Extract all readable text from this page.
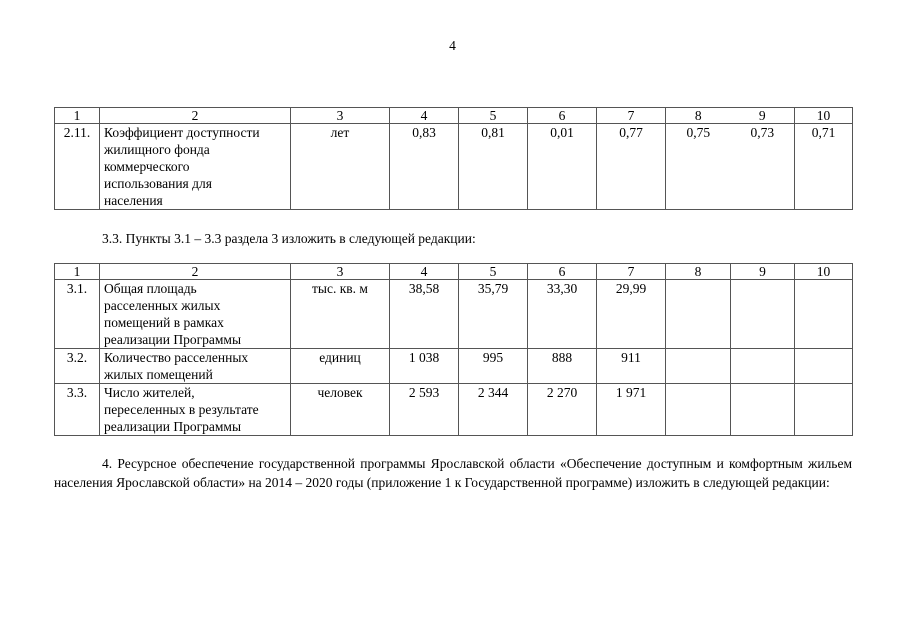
4
1	2	3	4	5	6	7	8	9	10
2.11.	Коэффициент доступности
жилищного фонда
коммерческого
использования для
населения	лет	0,83	0,81	0,01	0,77	0,75	0,73	0,71

3.3. Пункты 3.1 – 3.3 раздела 3 изложить в следующей редакции:

1	2	3	4	5	6	7	8	9	10
3.1.	Общая площадь
расселенных жилых
помещений в рамках
реализации Программы	тыс. кв. м	38,58	35,79	33,30	29,99			
3.2.	Количество расселенных
жилых помещений	единиц	1 038	995	888	911			
3.3.	Число жителей,
переселенных в результате
реализации Программы	человек	2 593	2 344	2 270	1 971			

4. Ресурсное обеспечение государственной программы Ярославской области «Обеспечение доступным и комфортным жильем населения Ярославской области» на 2014 – 2020 годы (приложение 1 к Государственной программе) изложить в следующей редакции:
